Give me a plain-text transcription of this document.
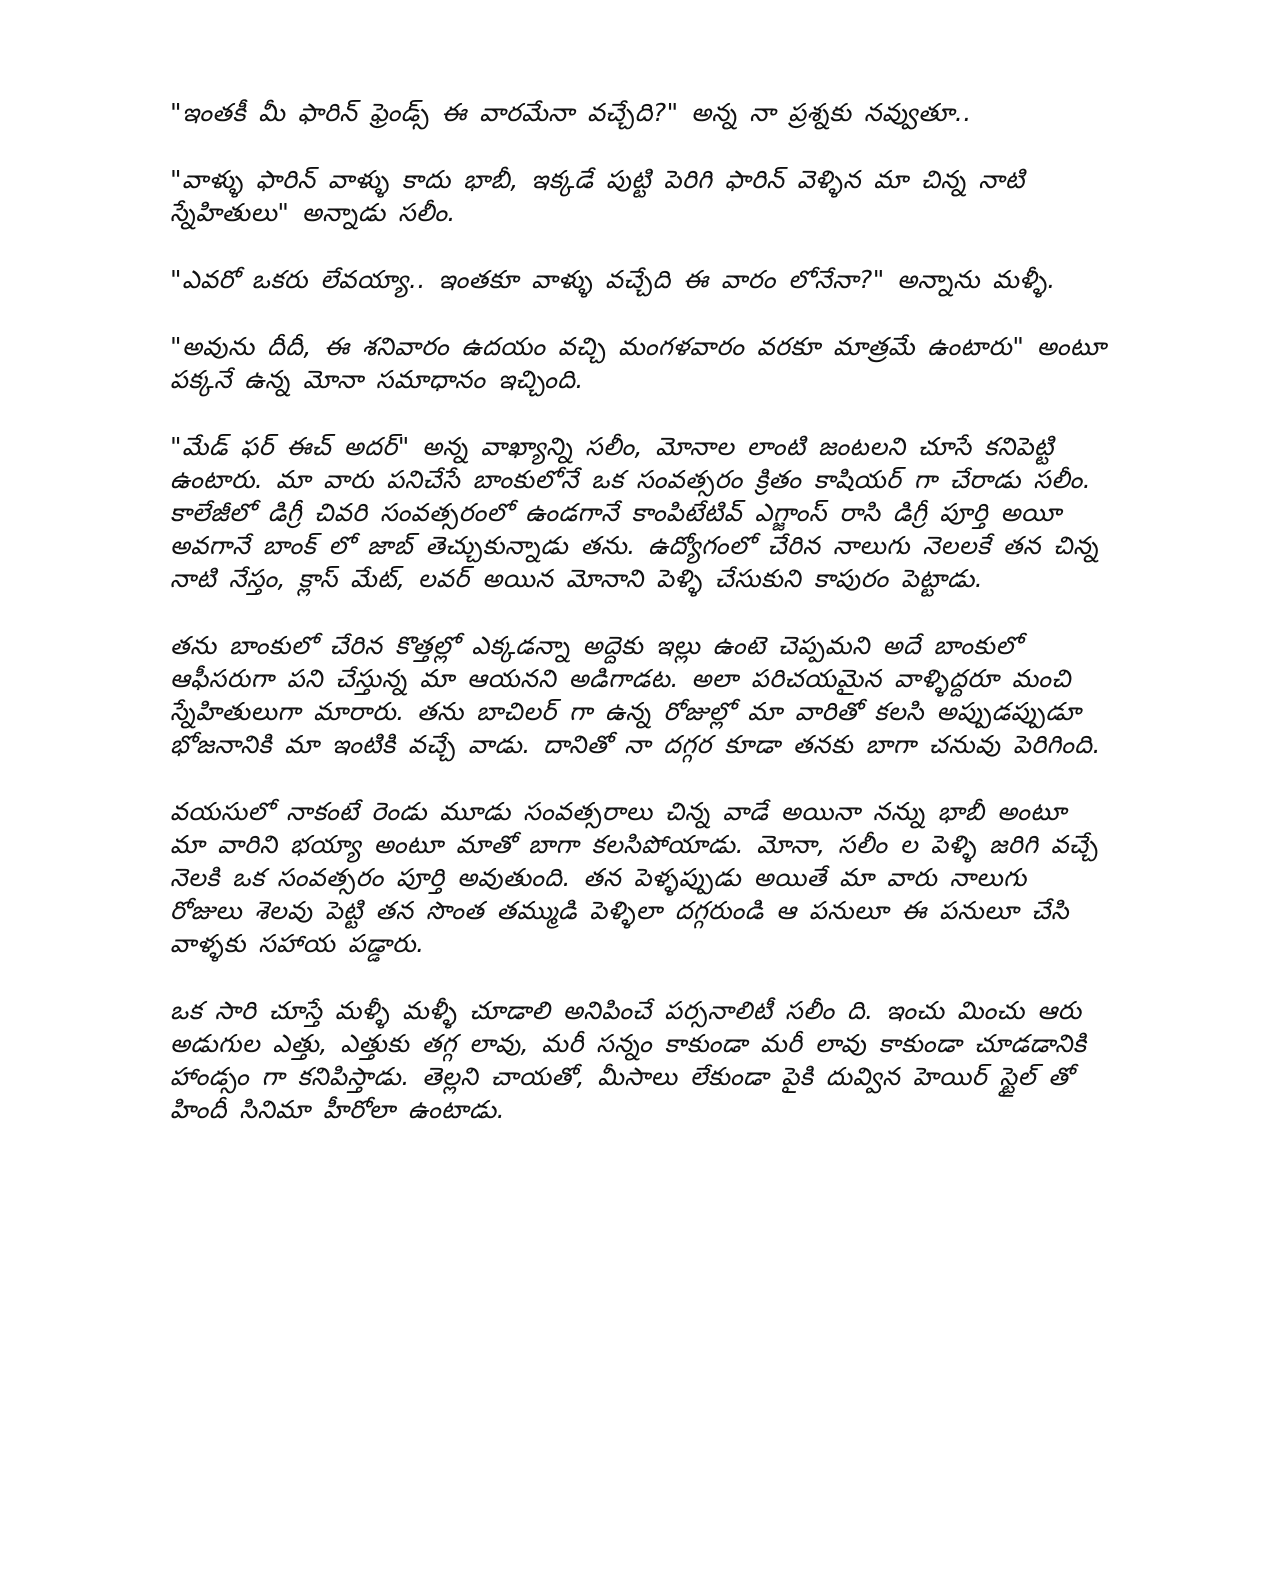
"ఇంతకీ మీ ఫారిన్ ఫ్రెండ్స్ ఈ వారమేనా వచ్చేది?" అన్న నా ప్రశ్నకు నవ్వుతూ..

"వాళ్ళు ఫారిన్ వాళ్ళు కాదు భాబీ, ఇక్కడే పుట్టి పెరిగి ఫారిన్ వెళ్ళిన మా చిన్న నాటి స్నేహితులు" అన్నాడు సలీం.

"ఎవరో ఒకరు లేవయ్యా.. ఇంతకూ వాళ్ళు వచ్చేది ఈ వారం లోనేనా?" అన్నాను మళ్ళీ.

"అవును దీదీ, ఈ శనివారం ఉదయం వచ్చి మంగళవారం వరకూ మాత్రమే ఉంటారు" అంటూ పక్కనే ఉన్న మోనా సమాధానం ఇచ్చింది.

"మేడ్ ఫర్ ఈచ్ అదర్" అన్న వాఖ్యాన్ని సలీం, మోనాల లాంటి జంటలని చూసే కనిపెట్టి ఉంటారు. మా వారు పనిచేసే బాంకులోనే ఒక సంవత్సరం క్రితం కాషియర్ గా చేరాడు సలీం. కాలేజీలో డిగ్రీ చివరి సంవత్సరంలో ఉండగానే కాంపిటేటివ్ ఎగ్జాంస్ రాసి డిగ్రీ పూర్తి అయీ అవగానే బాంక్ లో జాబ్ తెచ్చుకున్నాడు తను. ఉద్యోగంలో చేరిన నాలుగు నెలలకే తన చిన్న నాటి నేస్తం, క్లాస్ మేట్, లవర్ అయిన మోనాని పెళ్ళి చేసుకుని కాపురం పెట్టాడు.

తను బాంకులో చేరిన కొత్తల్లో ఎక్కడన్నా అద్దెకు ఇల్లు ఉంటె చెప్పమని అదే బాంకులో ఆఫీసరుగా పని చేస్తున్న మా ఆయనని అడిగాడట. అలా పరిచయమైన వాళ్ళిద్దరూ మంచి స్నేహితులుగా మారారు. తను బాచిలర్ గా ఉన్న రోజుల్లో మా వారితో కలసి అప్పుడప్పుడూ భోజనానికి మా ఇంటికి వచ్చే వాడు. దానితో నా దగ్గర కూడా తనకు బాగా చనువు పెరిగింది.

వయసులో నాకంటే రెండు మూడు సంవత్సరాలు చిన్న వాడే అయినా నన్ను భాబీ అంటూ మా వారిని భయ్యా అంటూ మాతో బాగా కలసిపోయాడు. మోనా, సలీం ల పెళ్ళి జరిగి వచ్చే నెలకి ఒక సంవత్సరం పూర్తి అవుతుంది. తన పెళ్ళప్పుడు అయితే మా వారు నాలుగు రోజులు శెలవు పెట్టి తన సొంత తమ్ముడి పెళ్ళిలా దగ్గరుండి ఆ పనులూ ఈ పనులూ చేసి వాళ్ళకు సహాయ పడ్డారు.

ఒక సారి చూస్తే మళ్ళీ మళ్ళీ చూడాలి అనిపించే పర్సనాలిటీ సలీం ది. ఇంచు మించు ఆరు అడుగుల ఎత్తు, ఎత్తుకు తగ్గ లావు, మరీ సన్నం కాకుండా మరీ లావు కాకుండా చూడడానికి హాండ్సం గా కనిపిస్తాడు. తెల్లని చాయతో, మీసాలు లేకుండా పైకి దువ్విన హెయిర్ స్టైల్ తో హిందీ సినిమా హీరోలా ఉంటాడు.
